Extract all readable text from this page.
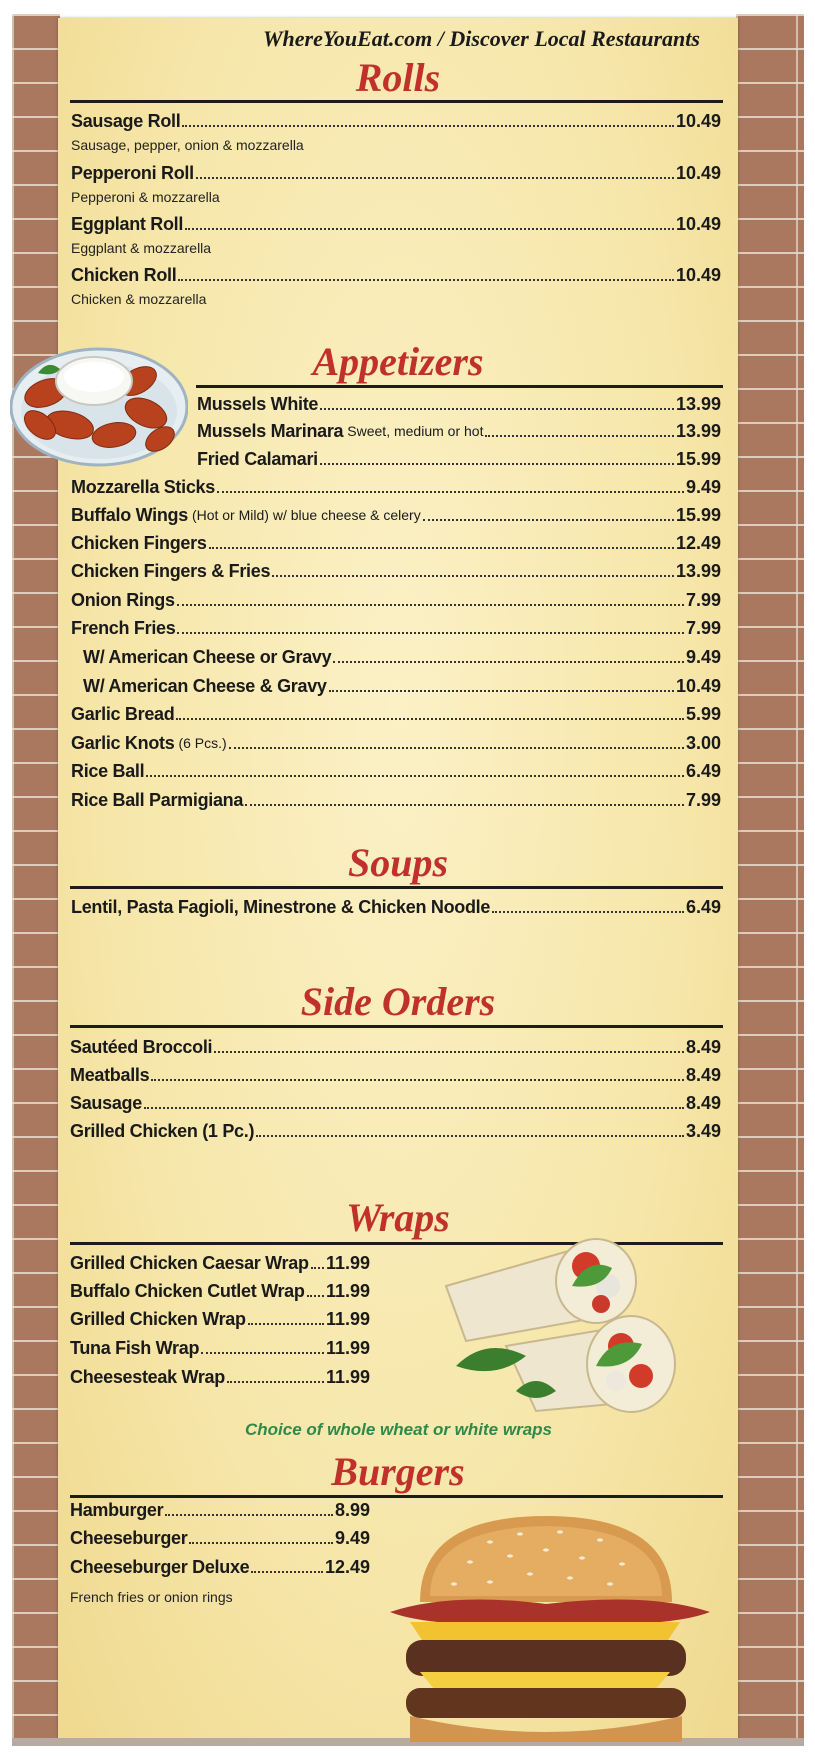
WhereYouEat.com / Discover Local Restaurants
Rolls
Sausage Roll	10.49
Sausage, pepper, onion & mozzarella
Pepperoni Roll	10.49
Pepperoni & mozzarella
Eggplant Roll	10.49
Eggplant & mozzarella
Chicken Roll	10.49
Chicken & mozzarella
Appetizers
Mussels White	13.99
Mussels Marinara Sweet, medium or hot	13.99
Fried Calamari	15.99
Mozzarella Sticks	9.49
Buffalo Wings (Hot or Mild) w/ blue cheese & celery	15.99
Chicken Fingers	12.49
Chicken Fingers & Fries	13.99
Onion Rings	7.99
French Fries	7.99
W/ American Cheese or Gravy	9.49
W/ American Cheese & Gravy	10.49
Garlic Bread	5.99
Garlic Knots (6 Pcs.)	3.00
Rice Ball	6.49
Rice Ball Parmigiana	7.99
Soups
Lentil, Pasta Fagioli, Minestrone & Chicken Noodle	6.49
Side Orders
Sautéed Broccoli	8.49
Meatballs	8.49
Sausage	8.49
Grilled Chicken (1 Pc.)	3.49
Wraps
Grilled Chicken Caesar Wrap 11.99
Buffalo Chicken Cutlet Wrap 11.99
Grilled Chicken Wrap	11.99
Tuna Fish Wrap	11.99
Cheesesteak Wrap	11.99
Choice of whole wheat or white wraps
Burgers
Hamburger	8.99
Cheeseburger	9.49
Cheeseburger Deluxe	12.49
French fries or onion rings
